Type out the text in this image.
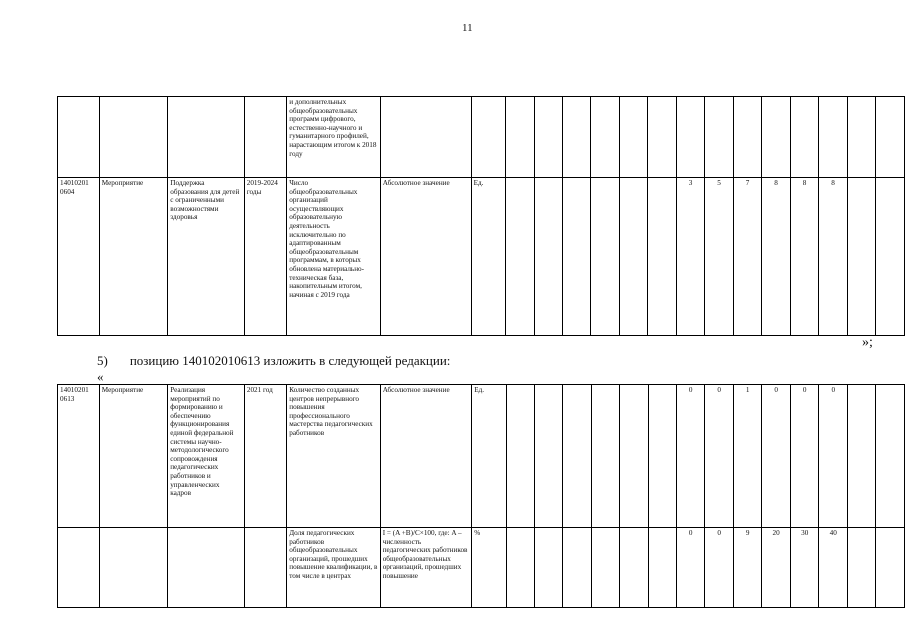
11
				и дополнительных общеобразовательных программ цифрового, естественно-научного и гуманитарного профилей, нарастающим итогом к 2018 году																
14010201 0604	Мероприятие	Поддержка образования для детей с ограниченными возможностями здоровья	2019-2024 годы	Число общеобразовательных организаций осуществляющих образовательную деятельность исключительно по адаптированным общеобразовательным программам, в которых обновлена материально-техническая база, накопительным итогом, начиная с 2019 года	Абсолютное значение	Ед.							3	5	7	8	8	8		
»;
5) позицию 140102010613 изложить в следующей редакции:
«
14010201 0613	Мероприятие	Реализация мероприятий по формированию и обеспечению функционирования единой федеральной системы научно-методологического сопровождения педагогических работников и управленческих кадров	2021 год	Количество созданных центров непрерывного повышения профессионального мастерства педагогических работников	Абсолютное значение	Ед.							0	0	1	0	0	0		
				Доля педагогических работников общеобразовательных организаций, прошедших повышение квалификации, в том числе в центрах	I = (A +B)/C×100, где: A – численность педагогических работников общеобразовательных организаций, прошедших повышение	%							0	0	9	20	30	40		
